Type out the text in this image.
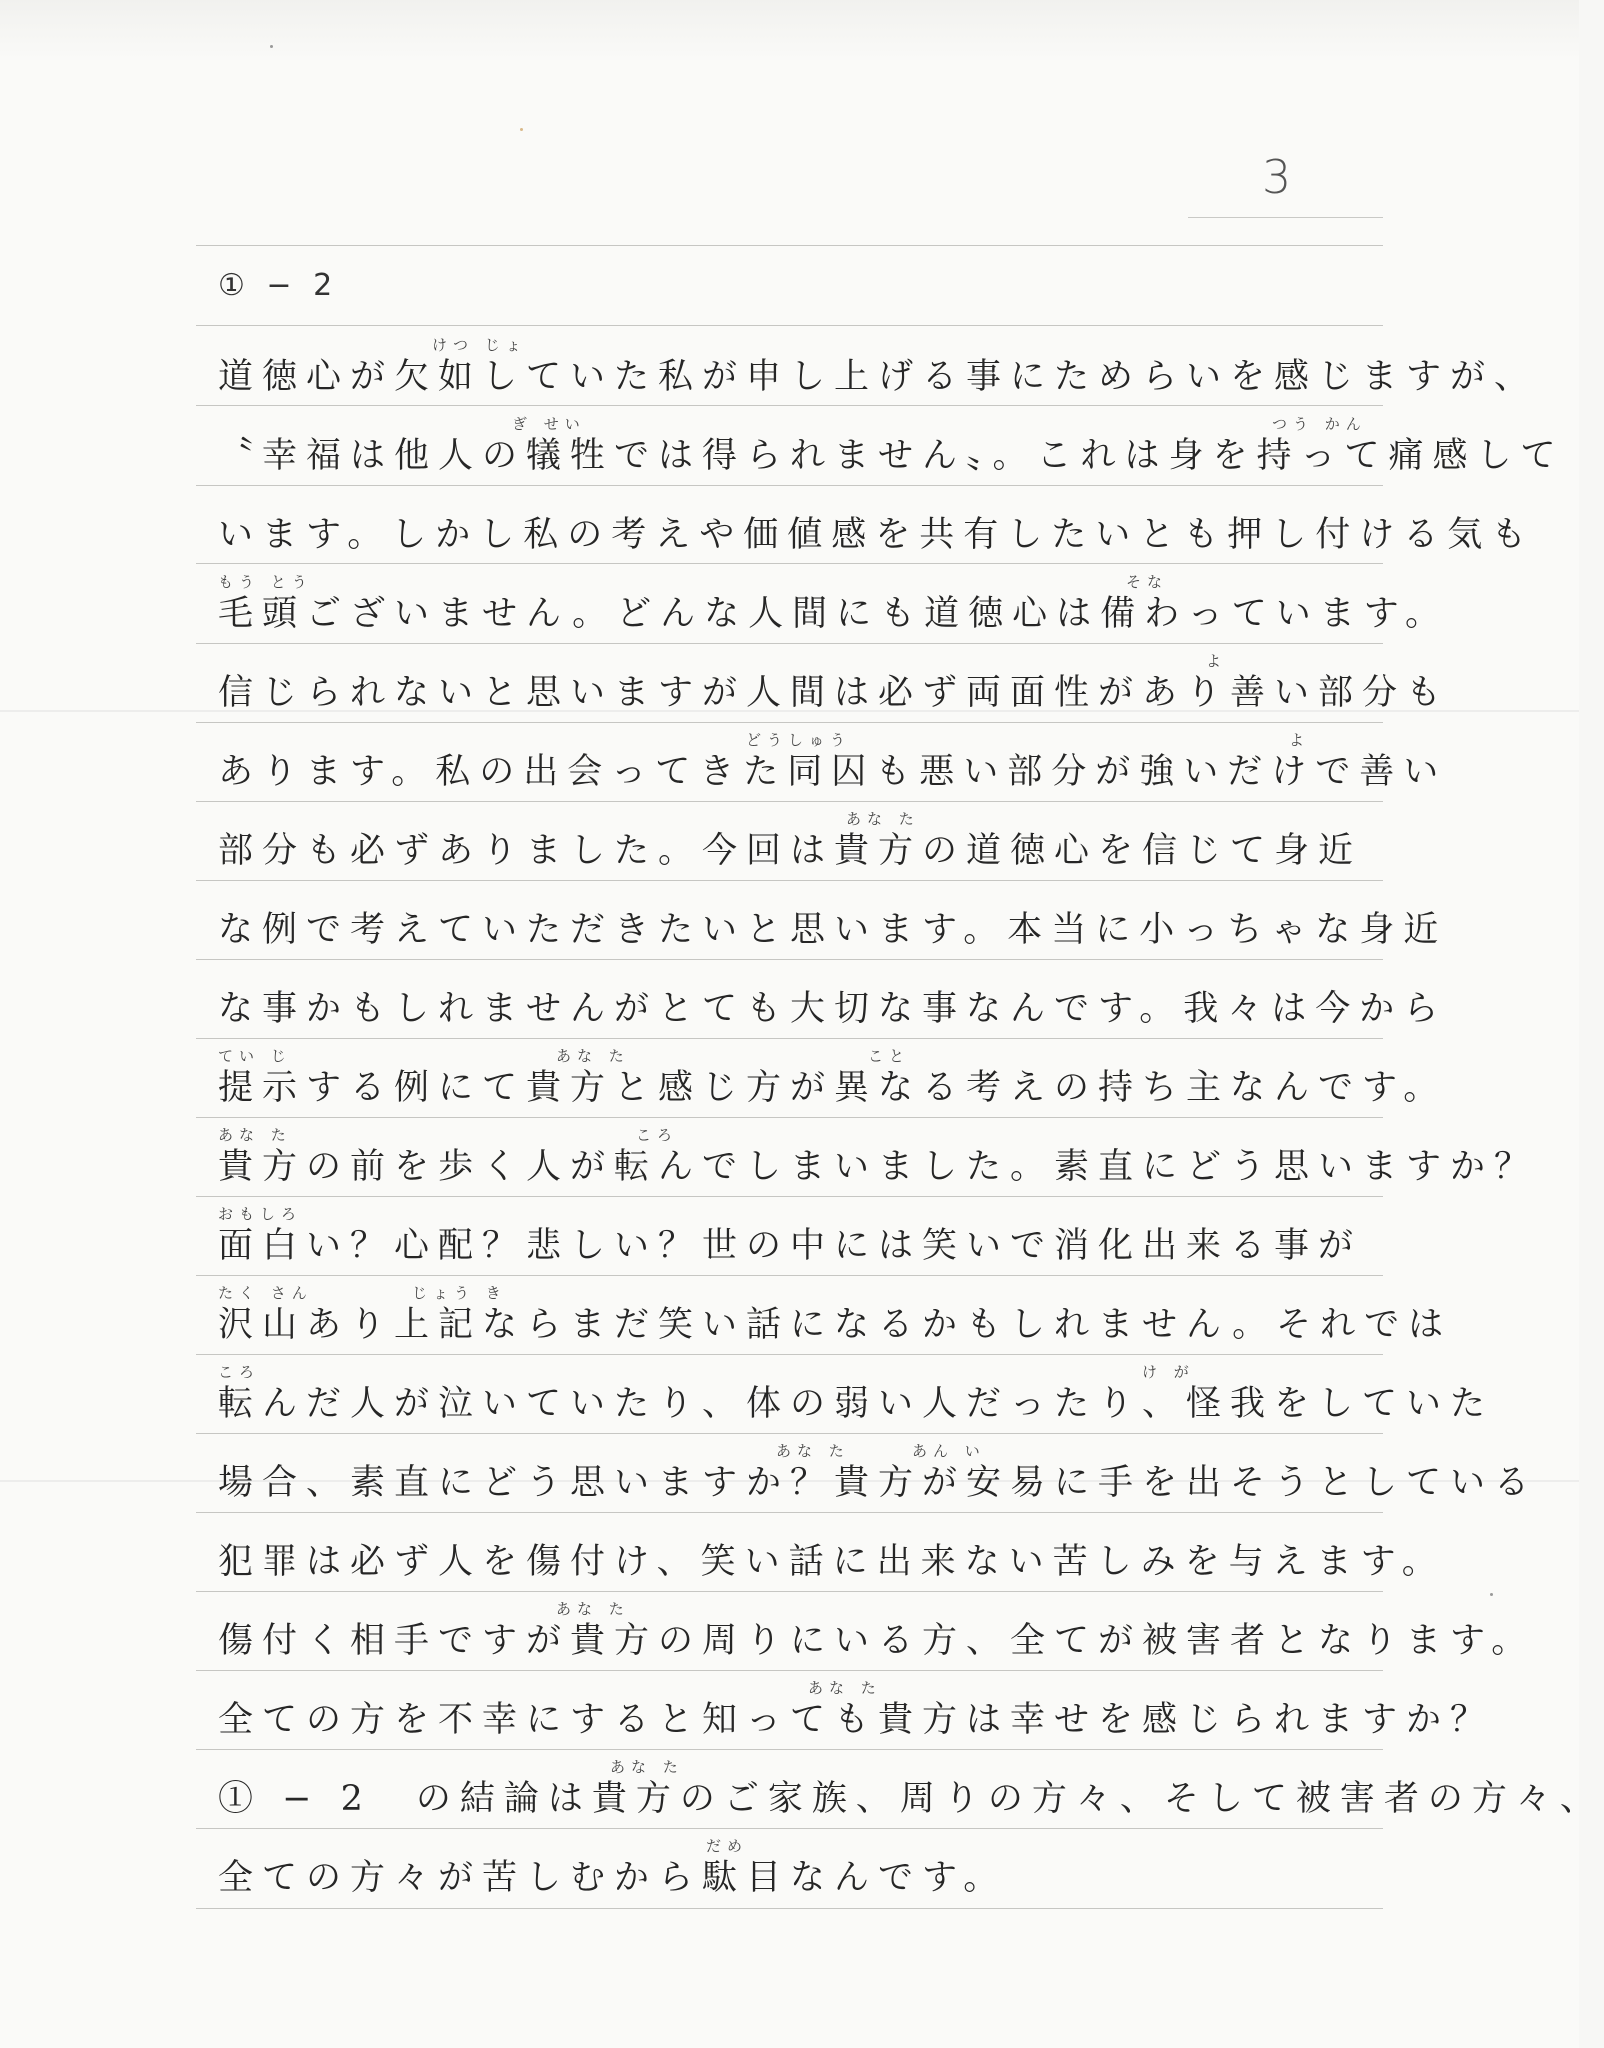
3
① − 2
道徳心が欠如していた私が申し上げる事にためらいを感じますが、
〝幸福は他人の犠牲では得られません〟。これは身を持って痛感して
います。しかし私の考えや価値感を共有したいとも押し付ける気も
毛頭ございません。どんな人間にも道徳心は備わっています。
信じられないと思いますが人間は必ず両面性があり善い部分も
あります。私の出会ってきた同囚も悪い部分が強いだけで善い
部分も必ずありました。今回は貴方の道徳心を信じて身近
な例で考えていただきたいと思います。本当に小っちゃな身近
な事かもしれませんがとても大切な事なんです。我々は今から
提示する例にて貴方と感じ方が異なる考えの持ち主なんです。
貴方の前を歩く人が転んでしまいました。素直にどう思いますか？
面白い？心配？悲しい？世の中には笑いで消化出来る事が
沢山あり上記ならまだ笑い話になるかもしれません。それでは
転んだ人が泣いていたり、体の弱い人だったり、怪我をしていた
場合、素直にどう思いますか？貴方が安易に手を出そうとしている
犯罪は必ず人を傷付け、笑い話に出来ない苦しみを与えます。
傷付く相手ですが貴方の周りにいる方、全てが被害者となります。
全ての方を不幸にすると知っても貴方は幸せを感じられますか？
① − 2　の結論は貴方のご家族、周りの方々、そして被害者の方々、
全ての方々が苦しむから駄目なんです。
けつ じょ
ぎ せい	つう かん
もう とう	そな
よ
どうしゅう	よ
あな た
てい じ	あな た	こと
あな た	ころ
おもしろ
たく さん	じょう き
ころ	け が
あな た	あん い
あな た
あな た
あな た
だめ
